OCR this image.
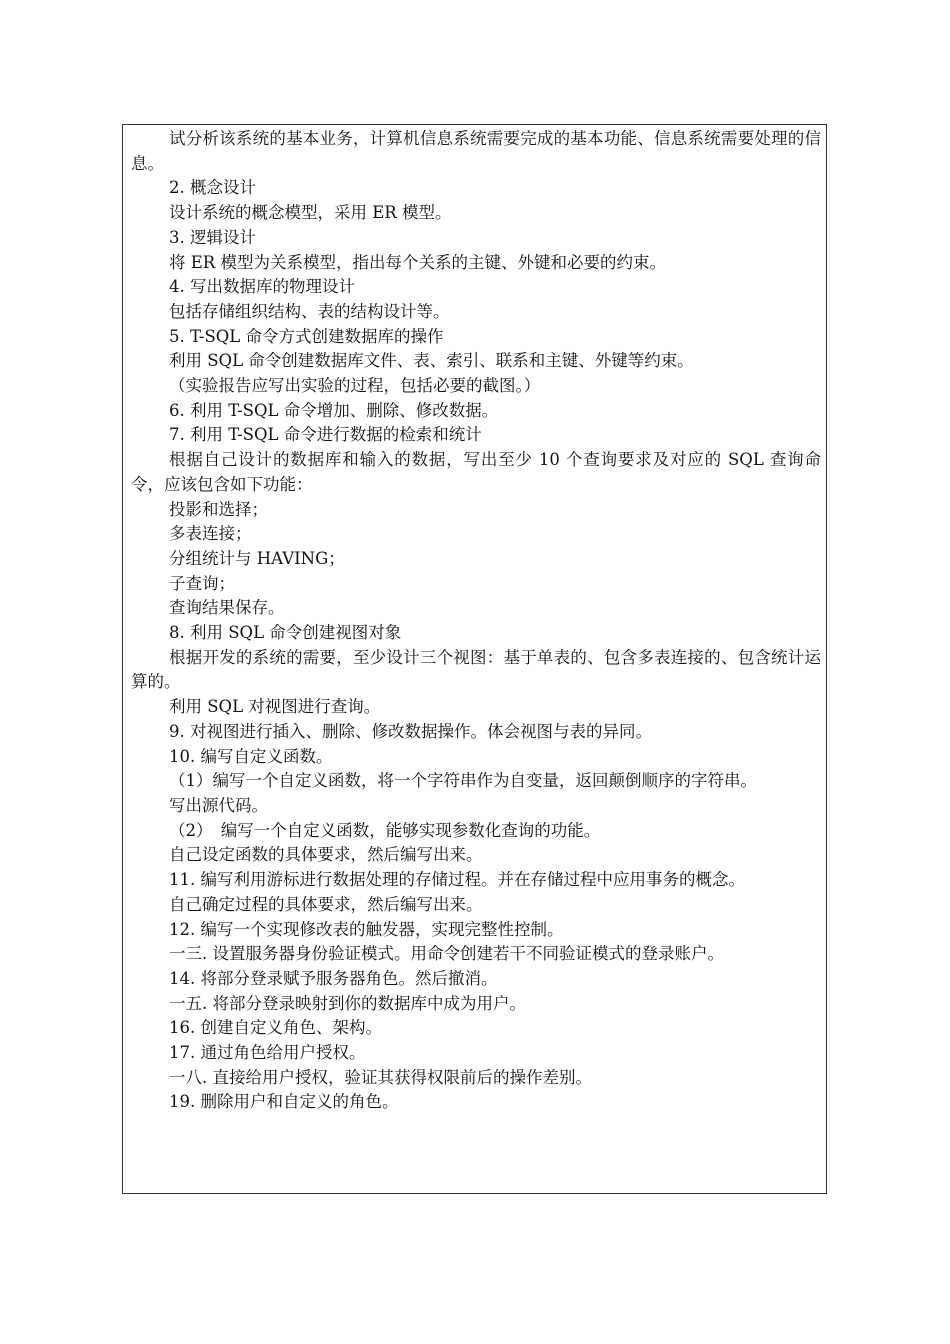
试分析该系统的基本业务，计算机信息系统需要完成的基本功能、信息系统需要处理的信息。

2. 概念设计

设计系统的概念模型，采用 ER 模型。

3. 逻辑设计

将 ER 模型为关系模型，指出每个关系的主键、外键和必要的约束。

4. 写出数据库的物理设计

包括存储组织结构、表的结构设计等。

5. T-SQL 命令方式创建数据库的操作

利用 SQL 命令创建数据库文件、表、索引、联系和主键、外键等约束。

（实验报告应写出实验的过程，包括必要的截图。）

6. 利用 T-SQL 命令增加、删除、修改数据。

7. 利用 T-SQL 命令进行数据的检索和统计

根据自己设计的数据库和输入的数据，写出至少 10 个查询要求及对应的 SQL 查询命令，应该包含如下功能：

投影和选择；

多表连接；

分组统计与 HAVING；

子查询；

查询结果保存。

8. 利用 SQL 命令创建视图对象

根据开发的系统的需要，至少设计三个视图：基于单表的、包含多表连接的、包含统计运算的。

利用 SQL 对视图进行查询。

9. 对视图进行插入、删除、修改数据操作。体会视图与表的异同。

10. 编写自定义函数。

（1）编写一个自定义函数，将一个字符串作为自变量，返回颠倒顺序的字符串。

写出源代码。

（2）　编写一个自定义函数，能够实现参数化查询的功能。

自己设定函数的具体要求，然后编写出来。

11. 编写利用游标进行数据处理的存储过程。并在存储过程中应用事务的概念。

自己确定过程的具体要求，然后编写出来。

12. 编写一个实现修改表的触发器，实现完整性控制。

一三. 设置服务器身份验证模式。用命令创建若干不同验证模式的登录账户。

14. 将部分登录赋予服务器角色。然后撤消。

一五. 将部分登录映射到你的数据库中成为用户。

16. 创建自定义角色、架构。

17. 通过角色给用户授权。

一八. 直接给用户授权，验证其获得权限前后的操作差别。

19. 删除用户和自定义的角色。
